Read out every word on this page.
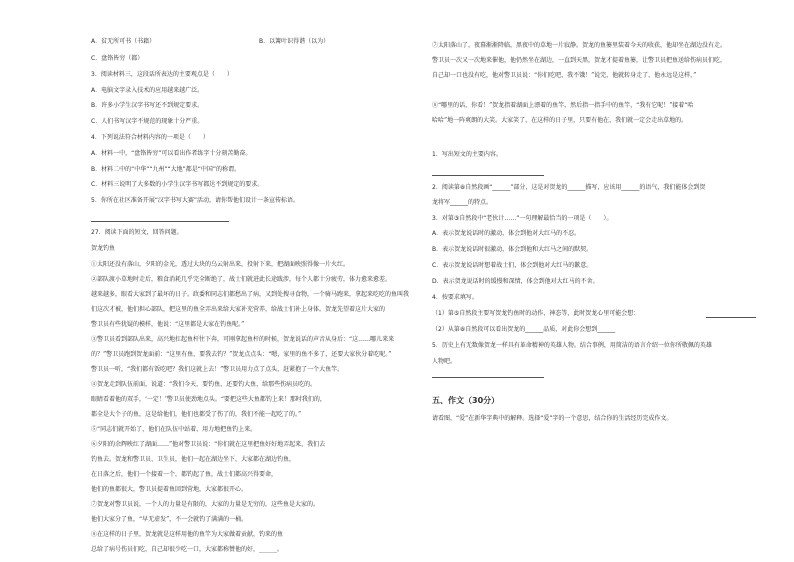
A．贫无所可书（书籍）	B．以篝叶识得谐（以为）
C．盘铬皆穷（都）
3．阅读材料三，这段话所表达的主要观点是（　　）
A．电脑文字录入技术的应用越来越广泛。
B．许多小学生汉字书写还不到规定要求。
C．人们书写汉字不规范的现象十分严重。
4．下列说法符合材料内容的一项是（　　）
A．材料一中，“盘铬皆穷”可以看出作者练字十分刻苦勤奋。
B．材料二中的“中华”“九州”“大地”都是“中国”的称谓。
C．材料三说明了大多数的小学生汉字书写都达不到规定的要求。
5．你所在社区准备开展“汉字书写大赛”活动，请你帮他们设计一条宣传标语。
27．阅读下面的短文，回答问题。
贺龙钓鱼
①太阳还没有落山，夕阳的金光，透过大块的乌云射出来，投射下来，把湖面映照得像一片火红。
②部队渡小草地时走后，粮食消耗几乎完全断绝了，战士们就进此长途跋涉，每个人都十分疲劳，体力愈来愈差。
越来越多，眼看大家到了最坏的日子。政委和同志们都愁出了病，又到处搜寻食物，一个骑马跑来，拿起来吃吃的鱼叫我
们这次才被，他们担心部队，把这里的鱼全弄出来给大家补充营养，给战士们补上身体。贺龙先望着这片大家的
警卫员有些犹疑的模样，他说：“这里都是大家在钓鱼呢。”
③警卫员看到部队出来，高兴地扛起鱼杆往下奔，可刚拿起鱼杆的时候，贺龙说话的声音从身后：“这……哪儿来来
的？”警卫员跑到贺龙面前：“这里有鱼，要我去钓？”贺龙点点头：“嗯，家里的鱼不多了，还要大家伙分着吃呢。”
警卫员一听，“我们都有饭吃吧？我们这就上去！”警卫员用力点了点头，赶紧抱了一个大鱼竿。
④贺龙走到队伍前面，说道：“我们今天，要钓鱼，还要钓大鱼，给那些伤病员吃的。
眼睛看着他的双手，‘一定！’警卫员使劲地点头。“要把这些大鱼都钓上来！那时我们的，
都全是大个子的鱼，这是给他们，他们也都受了伤了的，我们不能一起吃了的。”
⑤“同志们就开始了，他们在队伍中站着，用力地把鱼钓上来。
⑥夕阳的余辉映红了湖面……”他对警卫员说：“你们就在这里把鱼好好地弄起来，我们去
钓鱼去。贺龙和警卫员、卫生员，他们一起在湖边坐下，大家都在湖边钓鱼，
在日落之后，他们一个接着一个，都钓起了鱼，战士们都高兴得要命，
他们的鱼都很大，警卫员提着鱼回到营地，大家都很开心。
⑦贺龙对警卫员说，一个人的力量是有限的，大家的力量是无穷的，这些鱼是大家的。
他们大家分了鱼，“早无虚发”，不一会就钓了满满的一桶。
⑧在这样的日子里，贺龙就是这样用他的鱼竿为大家做着贡献，钓来的鱼
总给了病号伤员们吃，自己却很少吃一口，大家都称赞他的好，______。
⑦太阳落山了，夜幕渐渐降临，黑夜中的草地一片寂静。贺龙的鱼篓里装着今天的收获，他却坐在湖边没有走。
警卫员一次又一次地来催他，他仍然坐在湖边，一直到天黑，贺龙才提着鱼篓，让警卫员把鱼送给伤病员们吃，
自己却一口也没有吃，他对警卫员说：“你们吃吧，我不饿！”说完，他就转身走了，他永远是这样，”
⑧“哪里的话，你看！”贺龙指着湖面上漂着的鱼竿，然后指一指手中的鱼竿，“我有它呢！”接着“哈
哈哈”地一阵爽朗的大笑。大家笑了，在这样的日子里，只要有他在，我们就一定会走出草地的。
1．写出短文的主要内容。
2．阅读第⑧自然段画“______”部分，这是对贺龙的______描写，应该用______的语气，我们能体会到贺
龙将军______的特点。
3．对第③自然段中“老伙计……”一句理解最恰当的一项是（　　）。
A．表示贺龙说话时的激动，体会到他对大红马的不忍。
B．表示贺龙说话时很激动，体会到他和大红马之间的默契。
C．表示贺龙说话时想着战士们，体会到他对大红马的歉意。
D．表示贺龙说话时的缓慢和深情，体会到他对大红马的不舍。
4．按要求填写。
（1）第⑤自然段主要写贺龙钓鱼时的动作、神态等，此时贺龙心里可能会想：
（2）从第⑧自然段可以看出贺龙的______品质，对此你会想到______
5．历史上有无数像贺龙一样具有革命精神的英雄人物。结合事例，用简洁的语言介绍一位你所敬佩的英雄
人物吧。
五、作文（30分）
请看图，“爱”在新华字典中的解释。选择“爱”字的一个意思，结合你的生活经历完成作文。
